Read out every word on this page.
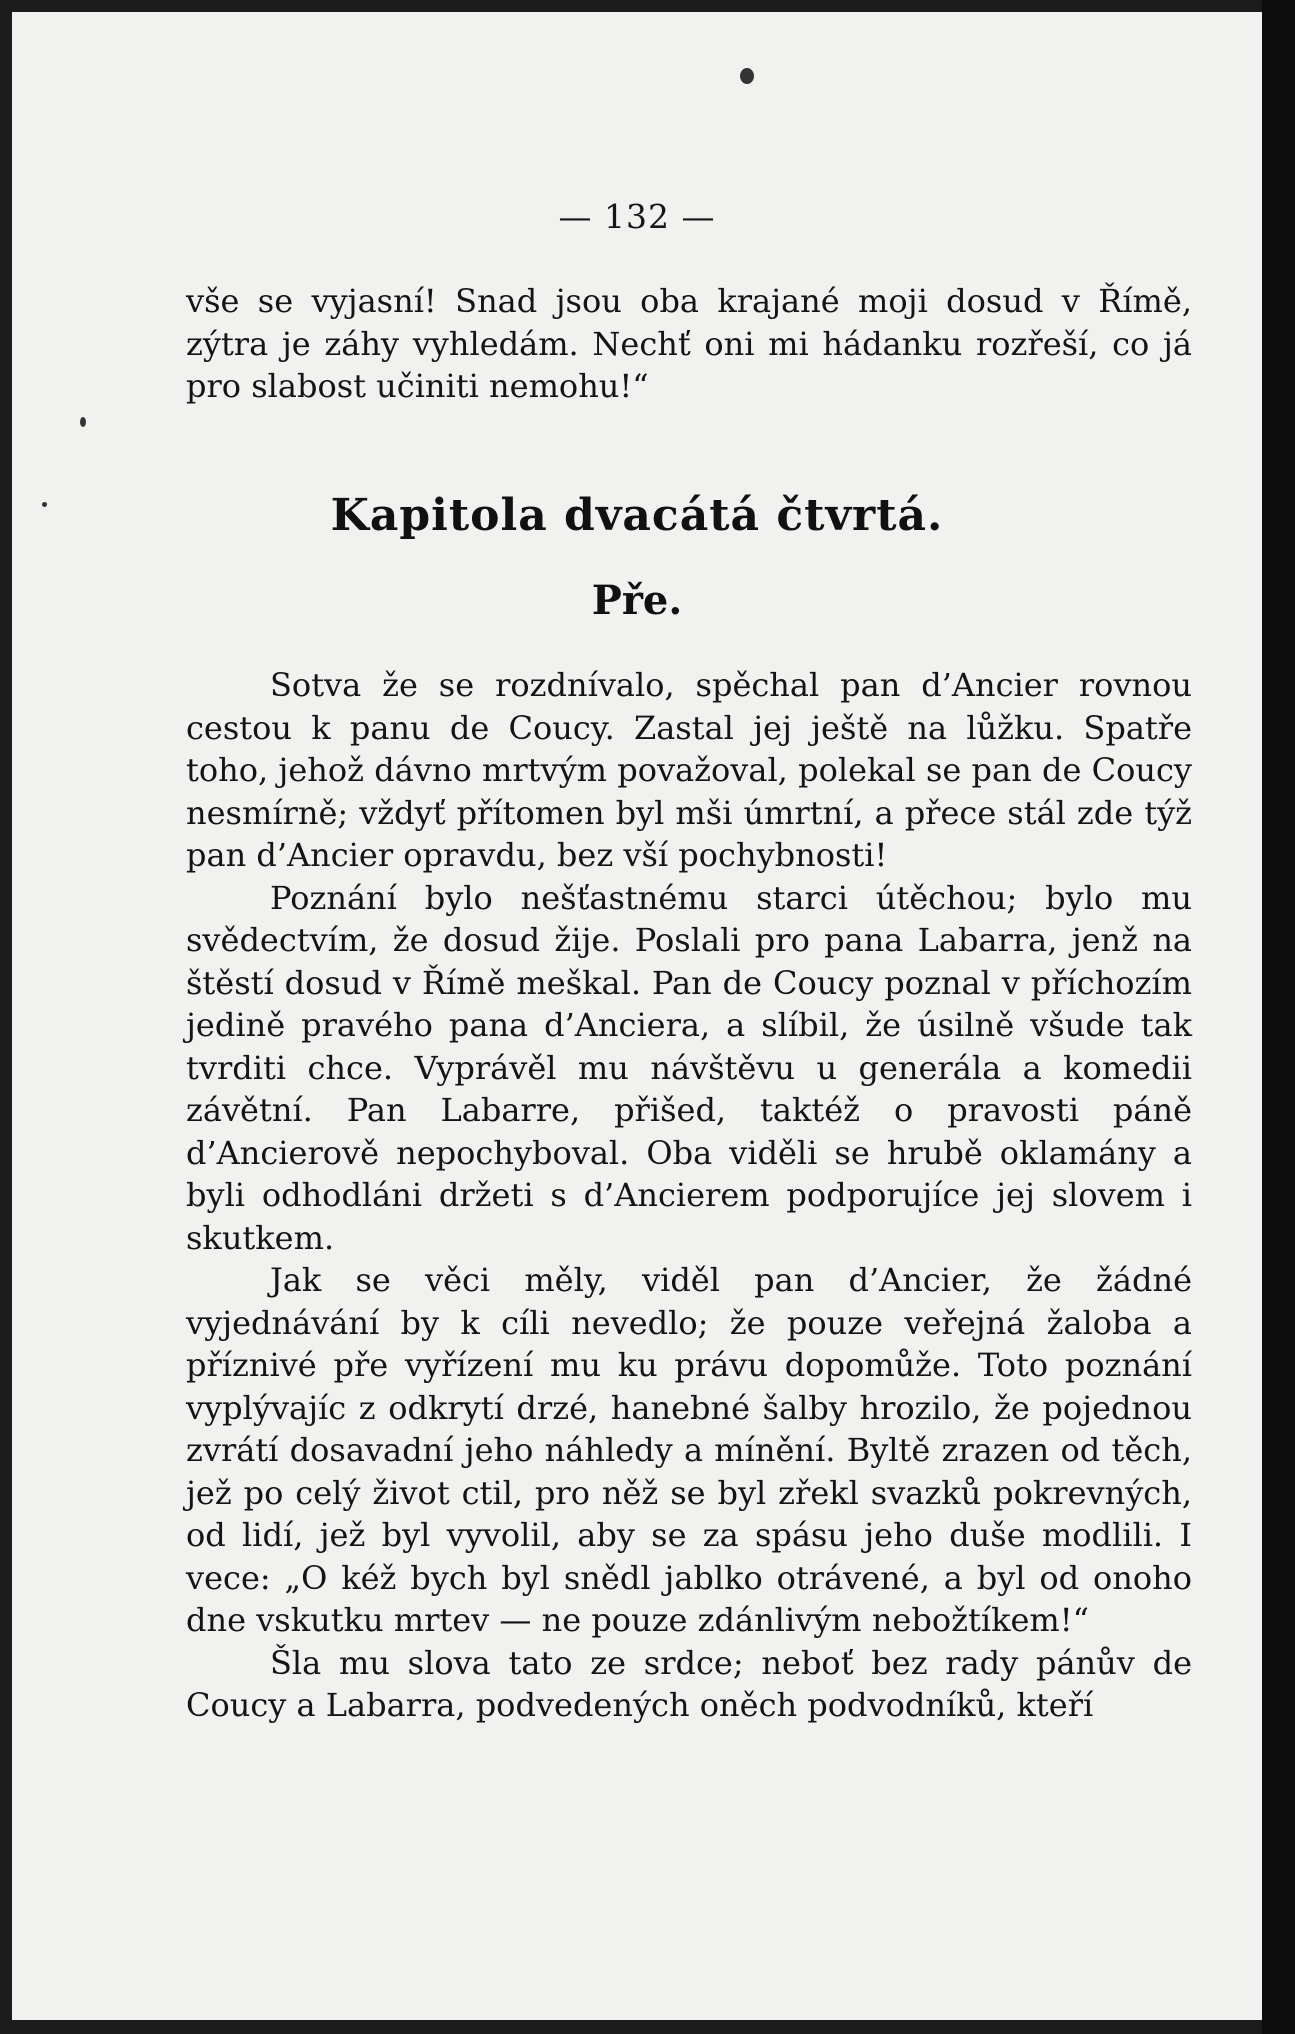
— 132 —

vše se vyjasní! Snad jsou oba krajané moji dosud v Římě, zýtra je záhy vyhledám. Nechť oni mi hádanku rozřeší, co já pro slabost učiniti nemohu!“

Kapitola dvacátá čtvrtá.
Pře.

Sotva že se rozdnívalo, spěchal pan d’Ancier rovnou cestou k panu de Coucy. Zastal jej ještě na lůžku. Spatře toho, jehož dávno mrtvým považoval, polekal se pan de Coucy nesmírně; vždyť přítomen byl mši úmrtní, a přece stál zde týž pan d’Ancier opravdu, bez vší pochybnosti!

Poznání bylo nešťastnému starci útěchou; bylo mu svědectvím, že dosud žije. Poslali pro pana Labarra, jenž na štěstí dosud v Římě meškal. Pan de Coucy poznal v příchozím jedině pravého pana d’Anciera, a slíbil, že úsilně všude tak tvrditi chce. Vyprávěl mu návštěvu u generála a komedii závětní. Pan Labarre, přišed, taktéž o pravosti páně d’Ancierově nepochyboval. Oba viděli se hrubě oklamány a byli odhodláni držeti s d’Ancierem podporujíce jej slovem i skutkem.

Jak se věci měly, viděl pan d’Ancier, že žádné vyjednávání by k cíli nevedlo; že pouze veřejná žaloba a příznivé pře vyřízení mu ku právu dopomůže. Toto poznání vyplývajíc z odkrytí drzé, hanebné šalby hrozilo, že pojednou zvrátí dosavadní jeho náhledy a mínění. Byltě zrazen od těch, jež po celý život ctil, pro něž se byl zřekl svazků pokrevných, od lidí, jež byl vyvolil, aby se za spásu jeho duše modlili. I vece: „O kéž bych byl snědl jablko otrávené, a byl od onoho dne vskutku mrtev — ne pouze zdánlivým nebožtíkem!“

Šla mu slova tato ze srdce; neboť bez rady pánův de Coucy a Labarra, podvedených oněch podvodníků, kteří
